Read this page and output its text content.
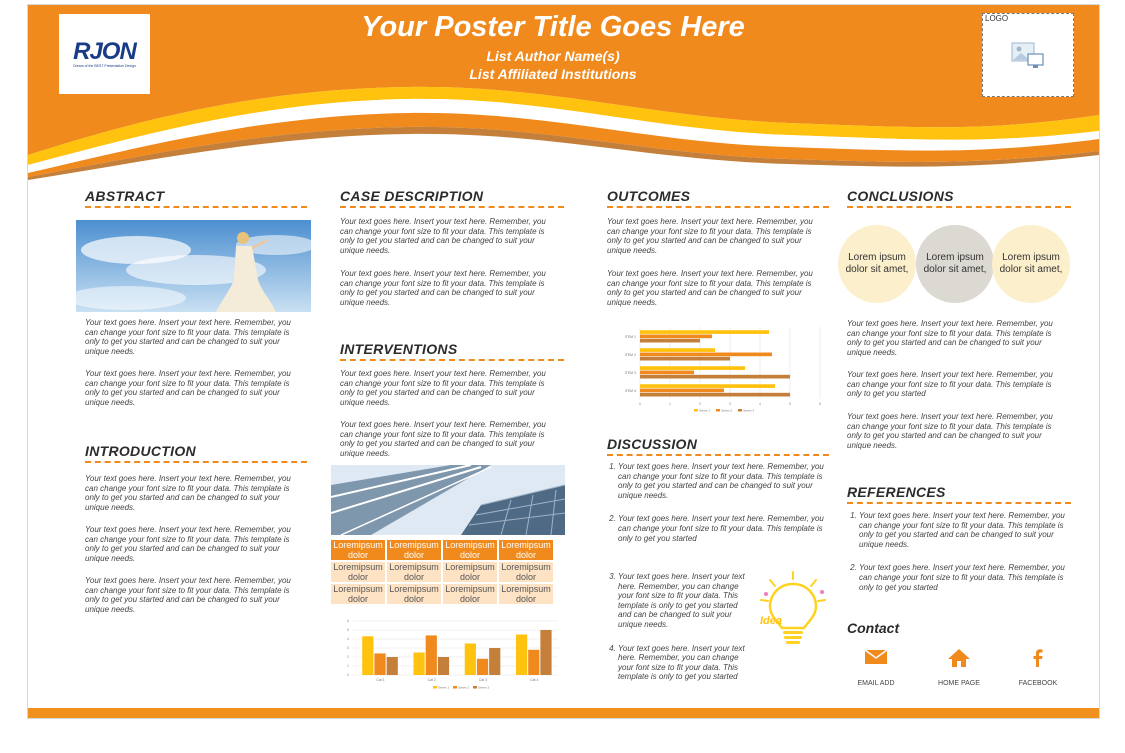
RJON
Dream of the BEST Presentation Design
Your Poster Title Goes Here
List Author Name(s)
List Affiliated Institutions
LOGO
ABSTRACT
Your text goes here. Insert your text here. Remember, you can change your font size to fit your data. This template is only to get you started and can be changed to suit your unique needs.
Your text goes here. Insert your text here. Remember, you can change your font size to fit your data. This template is only to get you started and can be changed to suit your unique needs.
INTRODUCTION
Your text goes here. Insert your text here. Remember, you can change your font size to fit your data. This template is only to get you started and can be changed to suit your unique needs.
Your text goes here. Insert your text here. Remember, you can change your font size to fit your data. This template is only to get you started and can be changed to suit your unique needs.
Your text goes here. Insert your text here. Remember, you can change your font size to fit your data. This template is only to get you started and can be changed to suit your unique needs.
CASE DESCRIPTION
Your text goes here. Insert your text here. Remember, you can change your font size to fit your data. This template is only to get you started and can be changed to suit your unique needs.
Your text goes here. Insert your text here. Remember, you can change your font size to fit your data. This template is only to get you started and can be changed to suit your unique needs.
INTERVENTIONS
Your text goes here. Insert your text here. Remember, you can change your font size to fit your data. This template is only to get you started and can be changed to suit your unique needs.
Your text goes here. Insert your text here. Remember, you can change your font size to fit your data. This template is only to get you started and can be changed to suit your unique needs.
Loremipsum dolor	Loremipsum dolor	Loremipsum dolor	Loremipsum dolor
Loremipsum dolor	Loremipsum dolor	Loremipsum dolor	Loremipsum dolor
Loremipsum dolor	Loremipsum dolor	Loremipsum dolor	Loremipsum dolor
0
1
2
3
4
5
6
Cat 1	Cat 2	Cat 3	Cat 4
Series 1	Series 2	Series 3
OUTCOMES
Your text goes here. Insert your text here. Remember, you can change your font size to fit your data. This template is only to get you started and can be changed to suit your unique needs.
Your text goes here. Insert your text here. Remember, you can change your font size to fit your data. This template is only to get you started and can be changed to suit your unique needs.
0	1	2	3	4	5	6
ITEM 1
ITEM 2
ITEM 3
ITEM 4
Series 1	Series 2	Series 3
DISCUSSION
1. Your text goes here. Insert your text here. Remember, you can change your font size to fit your data. This template is only to get you started and can be changed to suit your unique needs.
2. Your text goes here. Insert your text here. Remember, you can change your font size to fit your data. This template is only to get you started
3. Your text goes here. Insert your text here. Remember, you can change your font size to fit your data. This template is only to get you started and can be changed to suit your unique needs.
4. Your text goes here. Insert your text here. Remember, you can change your font size to fit your data. This template is only to get you started
Idea
CONCLUSIONS
Lorem ipsum dolor sit amet,
Lorem ipsum dolor sit amet,
Lorem ipsum dolor sit amet,
Your text goes here. Insert your text here. Remember, you can change your font size to fit your data. This template is only to get you started and can be changed to suit your unique needs.
Your text goes here. Insert your text here. Remember, you can change your font size to fit your data. This template is only to get you started
Your text goes here. Insert your text here. Remember, you can change your font size to fit your data. This template is only to get you started and can be changed to suit your unique needs.
REFERENCES
1. Your text goes here. Insert your text here. Remember, you can change your font size to fit your data. This template is only to get you started and can be changed to suit your unique needs.
2. Your text goes here. Insert your text here. Remember, you can change your font size to fit your data. This template is only to get you started
Contact
EMAIL ADD	HOME PAGE	FACEBOOK
